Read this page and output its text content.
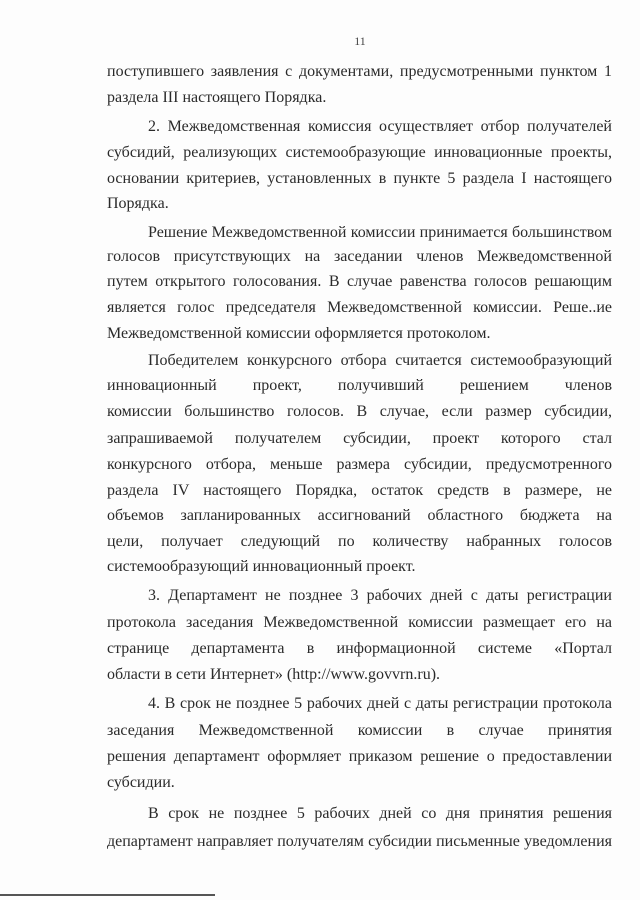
11
поступившего заявления с документами, предусмотренными пунктом 1
раздела III настоящего Порядка.
2. Межведомственная комиссия осуществляет отбор получателей
субсидий, реализующих системообразующие инновационные проекты,
основании критериев, установленных в пункте 5 раздела I настоящего
Порядка.
Решение Межведомственной комиссии принимается большинством
голосов присутствующих на заседании членов Межведомственной
путем открытого голосования. В случае равенства голосов решающим
является голос председателя Межведомственной комиссии. Реше..ие
Межведомственной комиссии оформляется протоколом.
Победителем конкурсного отбора считается системообразующий
инновационный проект, получивший решением членов
комиссии большинство голосов. В случае, если размер субсидии,
запрашиваемой получателем субсидии, проект которого стал
конкурсного отбора, меньше размера субсидии, предусмотренного
раздела IV настоящего Порядка, остаток средств в размере, не
объемов запланированных ассигнований областного бюджета на
цели, получает следующий по количеству набранных голосов
системообразующий инновационный проект.
3. Департамент не позднее 3 рабочих дней с даты регистрации
протокола заседания Межведомственной комиссии размещает его на
странице департамента в информационной системе «Портал
области в сети Интернет» (http://www.govvrn.ru).
4. В срок не позднее 5 рабочих дней с даты регистрации протокола
заседания Межведомственной комиссии в случае принятия
решения департамент оформляет приказом решение о предоставлении
субсидии.
В срок не позднее 5 рабочих дней со дня принятия решения
департамент направляет получателям субсидии письменные уведомления
